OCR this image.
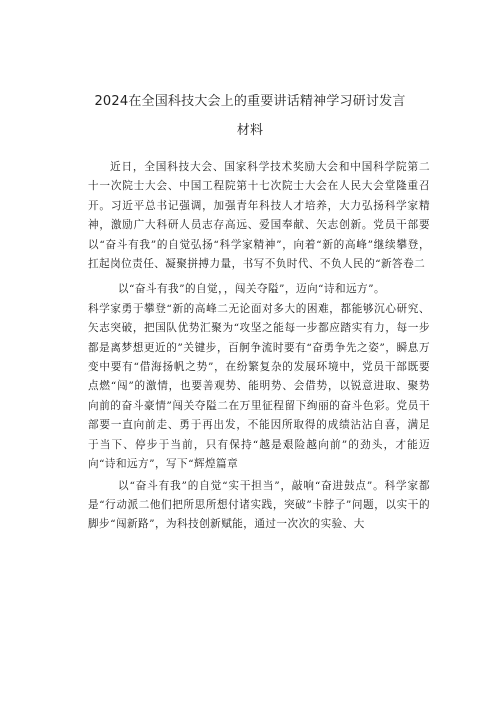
2024在全国科技大会上的重要讲话精神学习研讨发言
材料

近日，全国科技大会、国家科学技术奖励大会和中国科学院第二十一次院士大会、中国工程院第十七次院士大会在人民大会堂隆重召开。习近平总书记强调，加强青年科技人才培养，大力弘扬科学家精神，激励广大科研人员志存高远、爱国奉献、矢志创新。党员干部要以“奋斗有我”的自觉弘扬“科学家精神”，向着“新的高峰”继续攀登，扛起岗位责任、凝聚拼搏力量，书写不负时代、不负人民的“新答卷二

以“奋斗有我”的自觉，，闯关夺隘”，迈向“诗和远方”。

科学家勇于攀登“新的高峰二无论面对多大的困难，都能够沉心研究、矢志突破，把国队优势汇聚为“攻坚之能每一步都应踏实有力，每一步都是离梦想更近的”关键步，百舸争流时要有“奋勇争先之姿”，瞬息万变中要有“借海扬帆之势”，在纷繁复杂的发展环境中，党员干部既要点燃“闯”的激情，也要善观势、能明势、会借势，以锐意进取、聚势向前的奋斗豪情”闯关夺隘二在万里征程留下绚丽的奋斗色彩。党员干部要一直向前走、勇于再出发，不能因所取得的成绩沾沾自喜，满足于当下、停步于当前，只有保持“越是艰险越向前”的劲头，才能迈向“诗和远方”，写下“辉煌篇章

以“奋斗有我”的自觉“实干担当”，敲响“奋进鼓点”。科学家都是“行动派二他们把所思所想付诸实践，突破”卡脖子”问题，以实干的脚步“闯新路”，为科技创新赋能，通过一次次的实验、大
